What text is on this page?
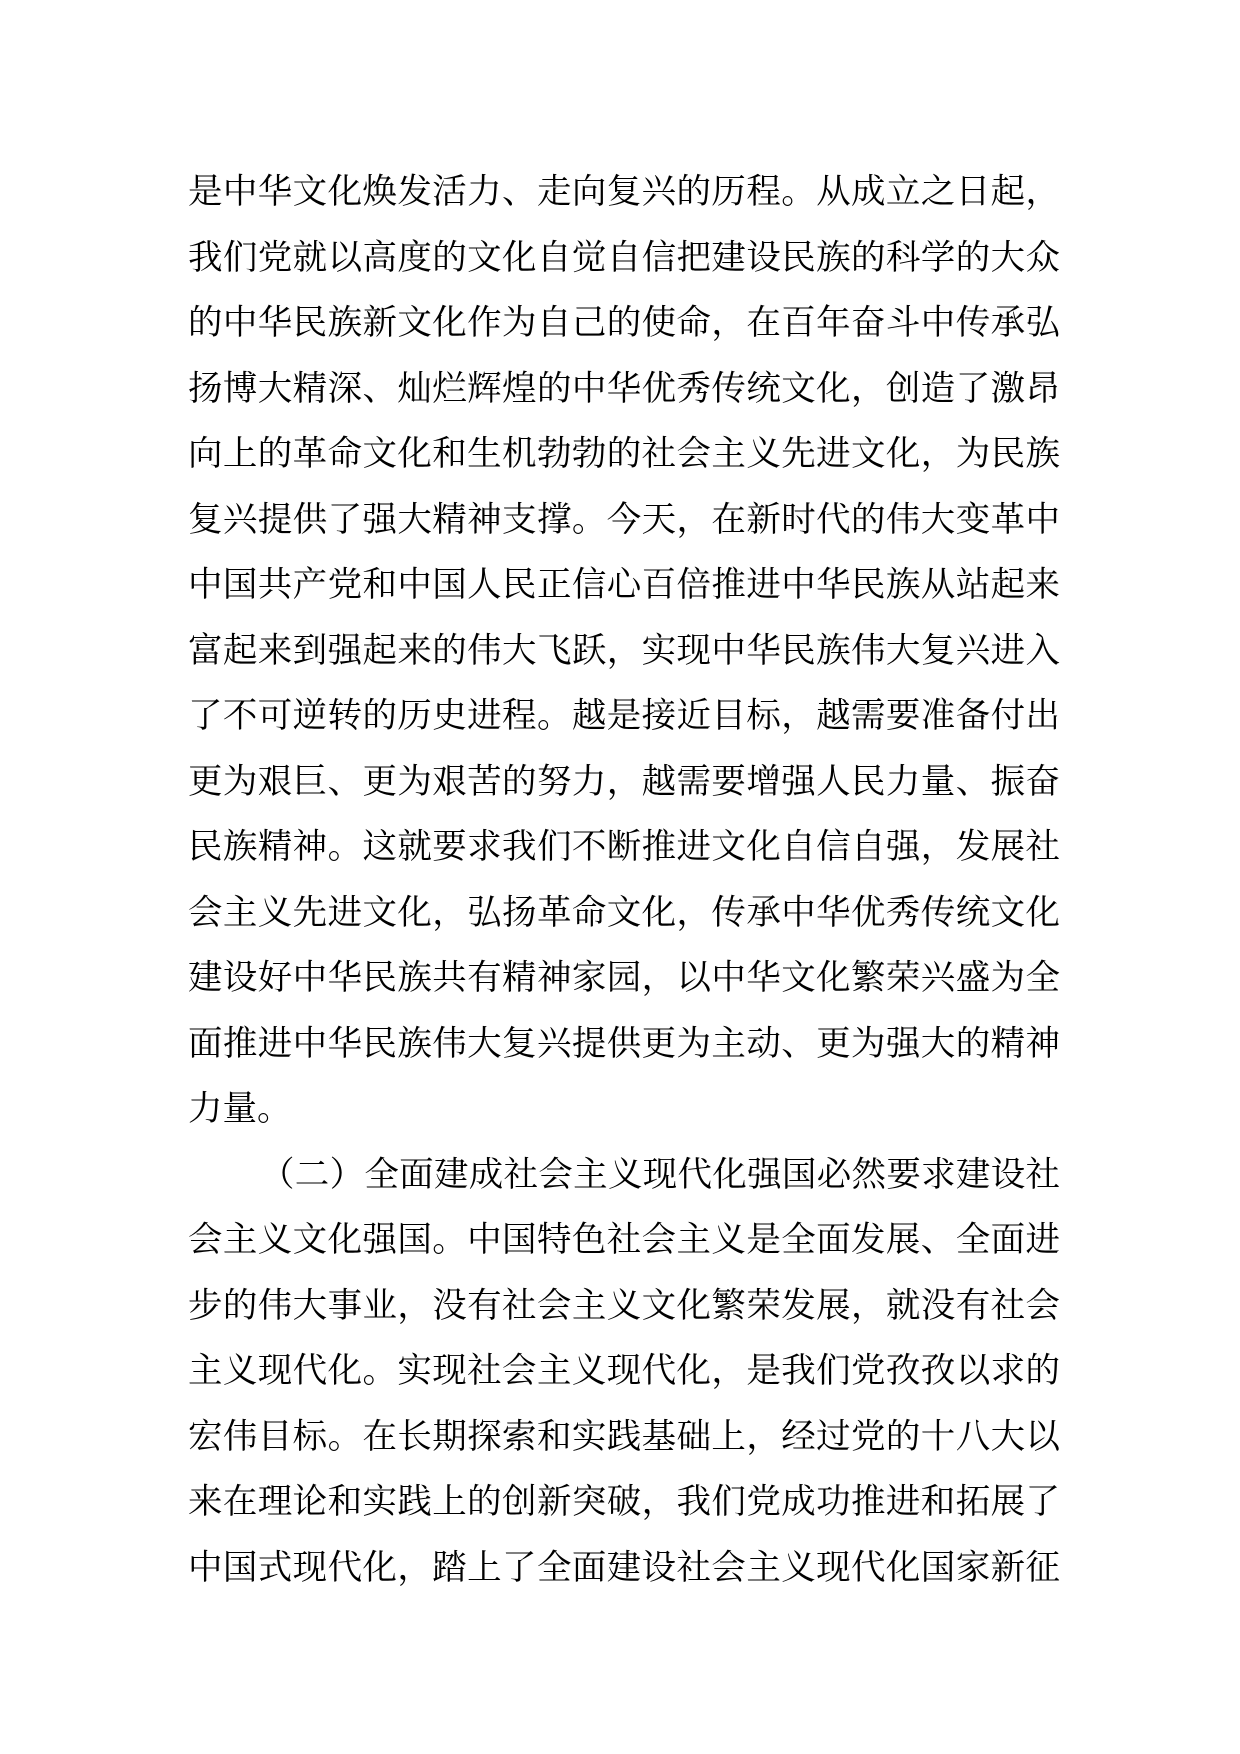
是中华文化焕发活力、走向复兴的历程。从成立之日起，
我们党就以高度的文化自觉自信把建设民族的科学的大众
的中华民族新文化作为自己的使命，在百年奋斗中传承弘
扬博大精深、灿烂辉煌的中华优秀传统文化，创造了激昂
向上的革命文化和生机勃勃的社会主义先进文化，为民族
复兴提供了强大精神支撑。今天，在新时代的伟大变革中
中国共产党和中国人民正信心百倍推进中华民族从站起来
富起来到强起来的伟大飞跃，实现中华民族伟大复兴进入
了不可逆转的历史进程。越是接近目标，越需要准备付出
更为艰巨、更为艰苦的努力，越需要增强人民力量、振奋
民族精神。这就要求我们不断推进文化自信自强，发展社
会主义先进文化，弘扬革命文化，传承中华优秀传统文化
建设好中华民族共有精神家园，以中华文化繁荣兴盛为全
面推进中华民族伟大复兴提供更为主动、更为强大的精神
力量。
（二）全面建成社会主义现代化强国必然要求建设社
会主义文化强国。中国特色社会主义是全面发展、全面进
步的伟大事业，没有社会主义文化繁荣发展，就没有社会
主义现代化。实现社会主义现代化，是我们党孜孜以求的
宏伟目标。在长期探索和实践基础上，经过党的十八大以
来在理论和实践上的创新突破，我们党成功推进和拓展了
中国式现代化，踏上了全面建设社会主义现代化国家新征
